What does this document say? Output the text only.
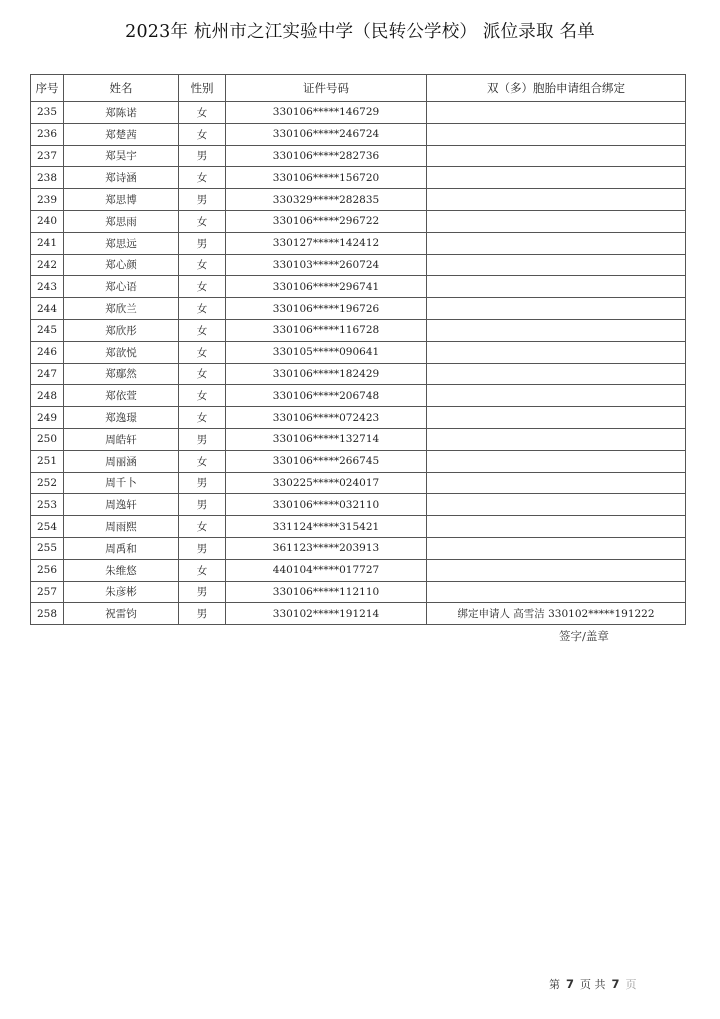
2023年 杭州市之江实验中学（民转公学校） 派位录取 名单
序号	姓名	性别	证件号码	双（多）胞胎申请组合绑定
235	郑陈诺	女	330106*****146729	
236	郑楚茜	女	330106*****246724	
237	郑昊宇	男	330106*****282736	
238	郑诗涵	女	330106*****156720	
239	郑思博	男	330329*****282835	
240	郑思雨	女	330106*****296722	
241	郑思远	男	330127*****142412	
242	郑心颜	女	330103*****260724	
243	郑心语	女	330106*****296741	
244	郑欣兰	女	330106*****196726	
245	郑欣彤	女	330106*****116728	
246	郑歆悦	女	330105*****090641	
247	郑鄢然	女	330106*****182429	
248	郑依萱	女	330106*****206748	
249	郑逸璟	女	330106*****072423	
250	周皓轩	男	330106*****132714	
251	周丽涵	女	330106*****266745	
252	周千卜	男	330225*****024017	
253	周逸轩	男	330106*****032110	
254	周雨熙	女	331124*****315421	
255	周禹和	男	361123*****203913	
256	朱维悠	女	440104*****017727	
257	朱彦彬	男	330106*****112110	
258	祝雷钧	男	330102*****191214	绑定申请人 高雪洁 330102*****191222
签字/盖章
第 7 页 共 7 页
